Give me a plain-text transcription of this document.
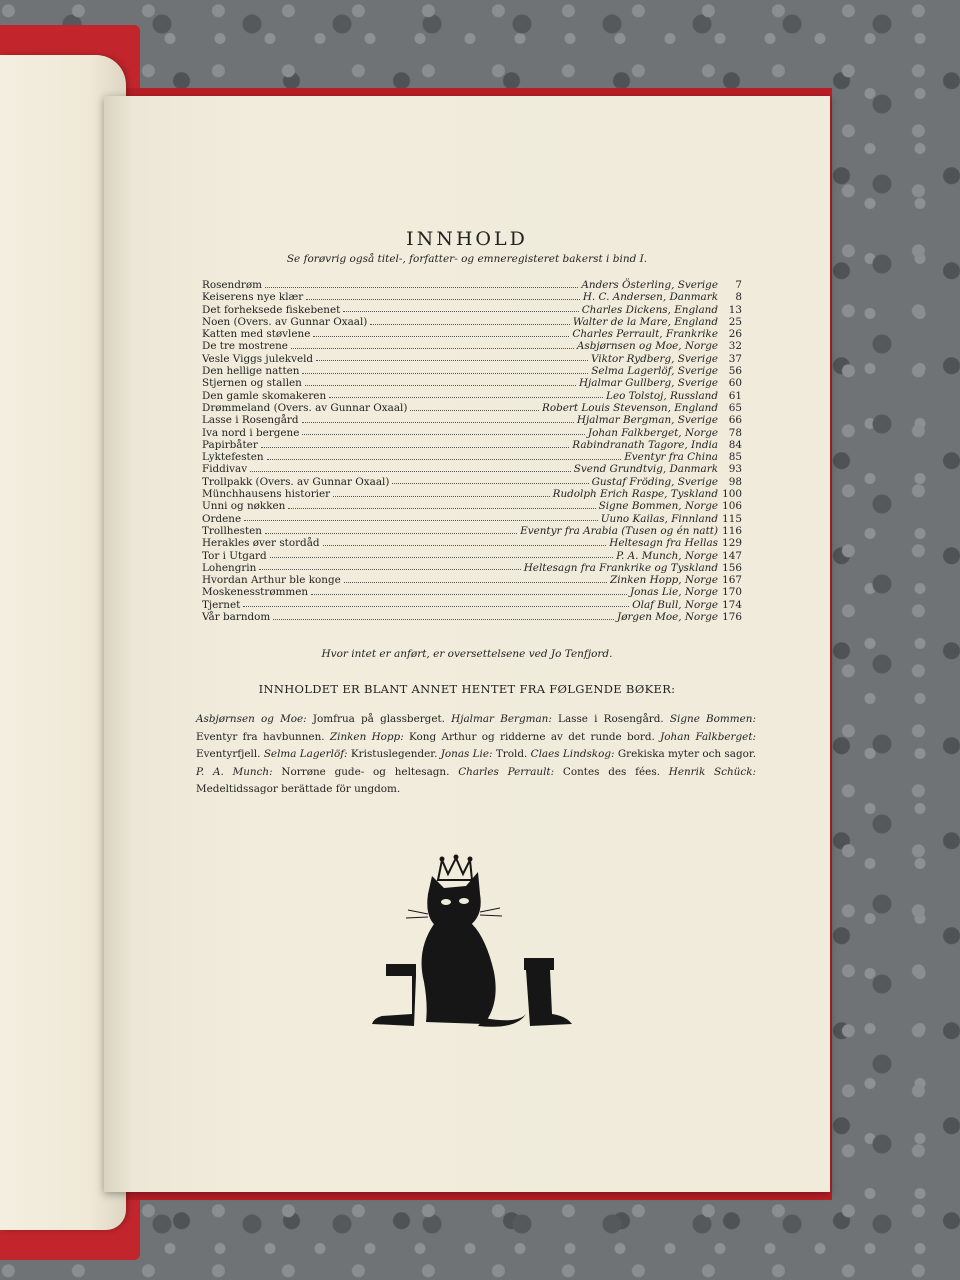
INNHOLD
Se forøvrig også titel-, forfatter- og emneregisteret bakerst i bind I.
Rosendrøm	Anders Österling, Sverige	7
Keiserens nye klær	H. C. Andersen, Danmark	8
Det forheksede fiskebenet	Charles Dickens, England	13
Noen (Overs. av Gunnar Oxaal)	Walter de la Mare, England	25
Katten med støvlene	Charles Perrault, Frankrike	26
De tre mostrene	Asbjørnsen og Moe, Norge	32
Vesle Viggs julekveld	Viktor Rydberg, Sverige	37
Den hellige natten	Selma Lagerlöf, Sverige	56
Stjernen og stallen	Hjalmar Gullberg, Sverige	60
Den gamle skomakeren	Leo Tolstoj, Russland	61
Drømmeland (Overs. av Gunnar Oxaal)	Robert Louis Stevenson, England	65
Lasse i Rosengård	Hjalmar Bergman, Sverige	66
Iva nord i bergene	Johan Falkberget, Norge	78
Papirbåter	Rabindranath Tagore, India	84
Lyktefesten	Eventyr fra China	85
Fiddivav	Svend Grundtvig, Danmark	93
Trollpakk (Overs. av Gunnar Oxaal)	Gustaf Fröding, Sverige	98
Münchhausens historier	Rudolph Erich Raspe, Tyskland 100
Unni og nøkken	Signe Bommen, Norge 106
Ordene	Uuno Kailas, Finnland 115
Trollhesten	Eventyr fra Arabia (Tusen og én natt) 116
Herakles øver stordåd	Heltesagn fra Hellas 129
Tor i Utgard	P. A. Munch, Norge 147
Lohengrin	Heltesagn fra Frankrike og Tyskland 156
Hvordan Arthur ble konge	Zinken Hopp, Norge 167
Moskenesstrømmen	Jonas Lie, Norge 170
Tjernet	Olaf Bull, Norge 174
Vår barndom	Jørgen Moe, Norge 176
Hvor intet er anført, er oversettelsene ved Jo Tenfjord.
INNHOLDET ER BLANT ANNET HENTET FRA FØLGENDE BØKER:
Asbjørnsen og Moe: Jomfrua på glassberget. Hjalmar Bergman: Lasse i Rosengård. Signe Bommen: Eventyr fra havbunnen. Zinken Hopp: Kong Arthur og ridderne av det runde bord. Johan Falkberget: Eventyrfjell. Selma Lagerlöf: Kristuslegender. Jonas Lie: Trold. Claes Lindskog: Grekiska myter och sagor. P. A. Munch: Norrøne gude- og heltesagn. Charles Perrault: Contes des fées. Henrik Schück: Medeltidssagor berättade för ungdom.
